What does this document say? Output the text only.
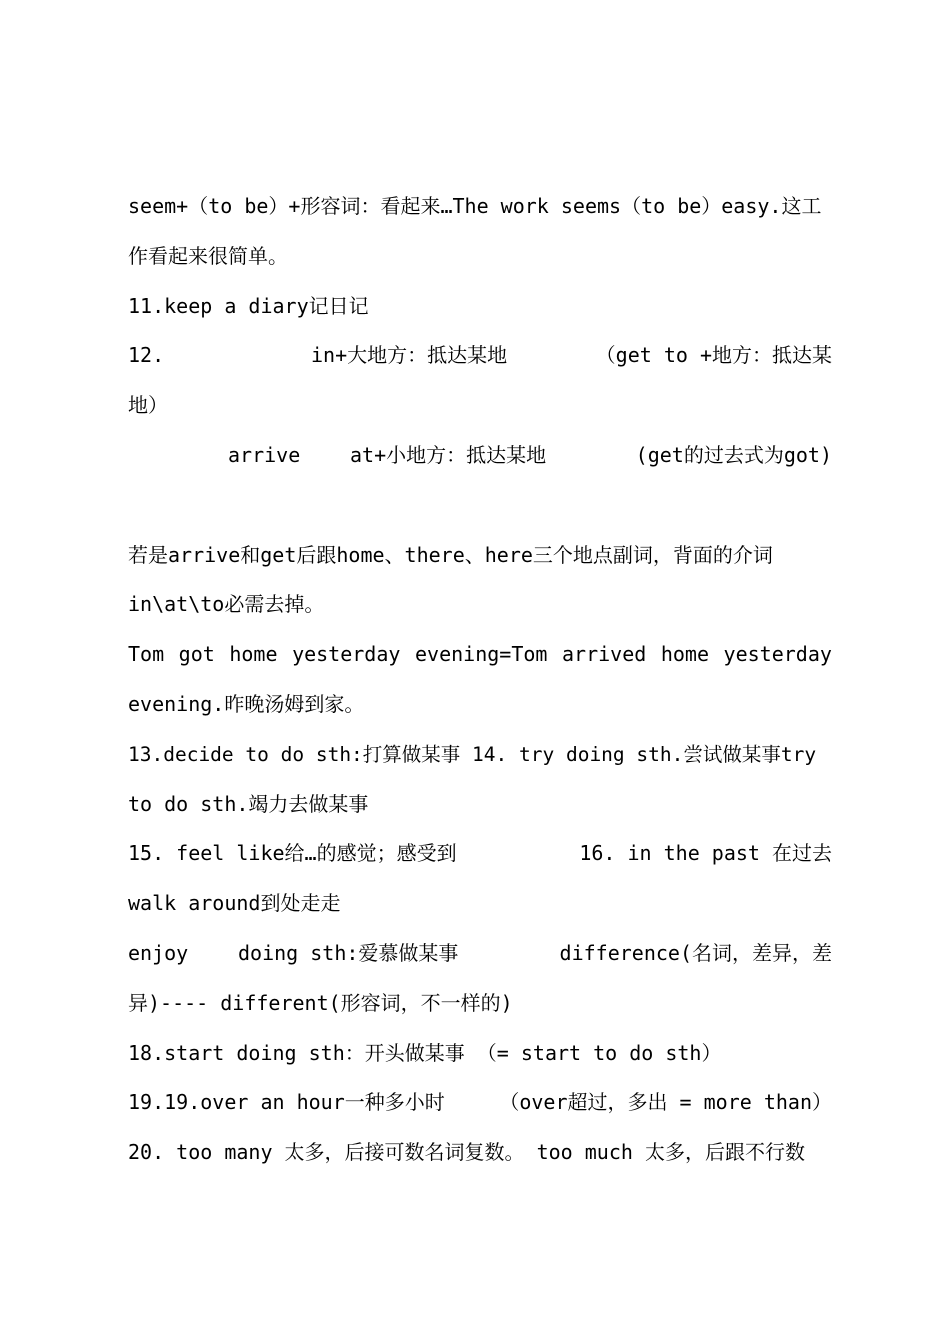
seem+（to be）+形容词：看起来…The work seems（to be）easy.这工
作看起来很简单。
11.keep a diary记日记
12.	in+大地方：抵达某地	（get to +地方：抵达某
地）
arrive at+小地方：抵达某地	(get的过去式为got)
若是arrive和get后跟home、there、here三个地点副词，背面的介词
in\at\to必需去掉。
Tom got home yesterday evening=Tom arrived home yesterday
evening.昨晚汤姆到家。
13.decide to do sth:打算做某事 14. try doing sth.尝试做某事try
to do sth.竭力去做某事
15. feel like给…的感觉；感受到	16. in the past 在过去
walk around到处走走
enjoy doing sth:爱慕做某事	difference(名词，差异，差
异)---- different(形容词，不一样的)
18.start doing sth：开头做某事 （= start to do sth）
19.19.over an hour一种多小时	（over超过，多出 = more than）
20. too many 太多，后接可数名词复数。 too much 太多，后跟不行数
